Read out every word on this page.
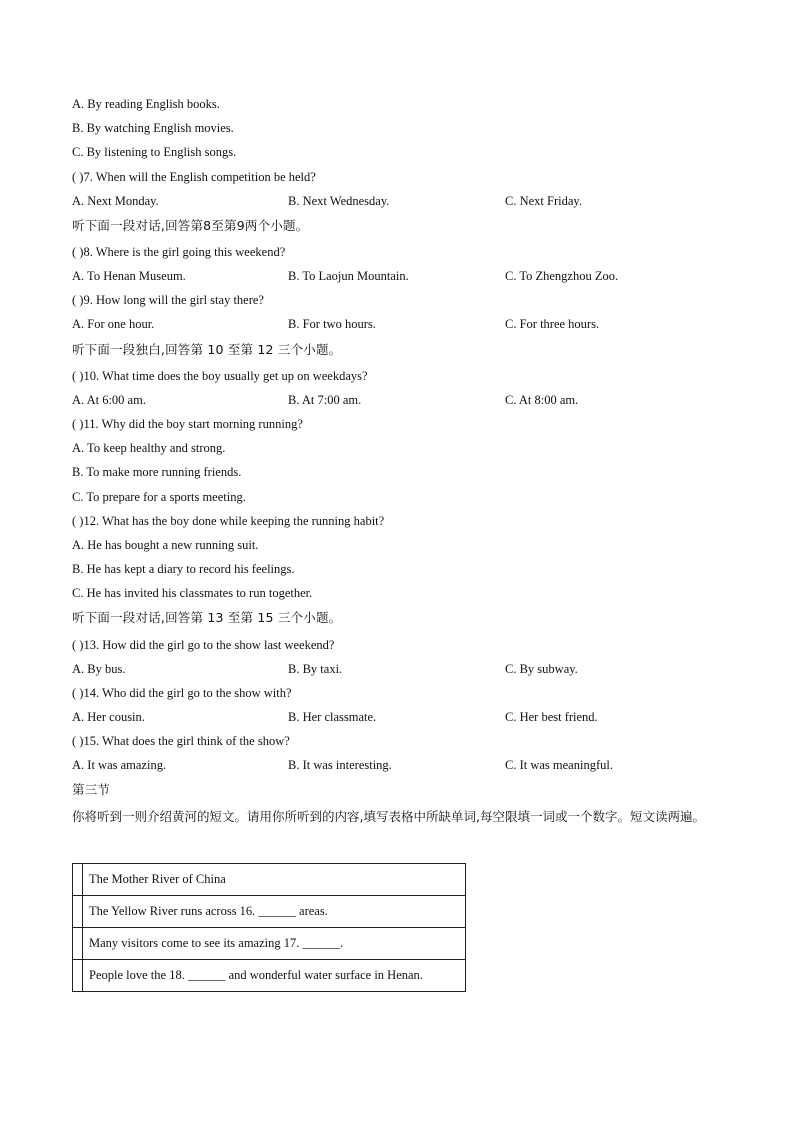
A. By reading English books.
B. By watching English movies.
C. By listening to English songs.
( )7. When will the English competition be held?
A. Next Monday.	B. Next Wednesday.	C. Next Friday.
听下面一段对话,回答第8至第9两个小题。
( )8. Where is the girl going this weekend?
A. To Henan Museum.	B. To Laojun Mountain.	C. To Zhengzhou Zoo.
( )9. How long will the girl stay there?
A. For one hour.	B. For two hours.	C. For three hours.
听下面一段独白,回答第 10 至第 12 三个小题。
( )10. What time does the boy usually get up on weekdays?
A. At 6:00 am.	B. At 7:00 am.	C. At 8:00 am.
( )11. Why did the boy start morning running?
A. To keep healthy and strong.
B. To make more running friends.
C. To prepare for a sports meeting.
( )12. What has the boy done while keeping the running habit?
A. He has bought a new running suit.
B. He has kept a diary to record his feelings.
C. He has invited his classmates to run together.
听下面一段对话,回答第 13 至第 15 三个小题。
( )13. How did the girl go to the show last weekend?
A. By bus.	B. By taxi.	C. By subway.
( )14. Who did the girl go to the show with?
A. Her cousin.	B. Her classmate.	C. Her best friend.
( )15. What does the girl think of the show?
A. It was amazing.	B. It was interesting.	C. It was meaningful.
第三节
你将听到一则介绍黄河的短文。请用你所听到的内容,填写表格中所缺单词,每空限填一词或一个数字。短文读两遍。
	The Mother River of China
	The Yellow River runs across 16. ______ areas.
	Many visitors come to see its amazing 17. ______.
	People love the 18. ______ and wonderful water surface in Henan.
